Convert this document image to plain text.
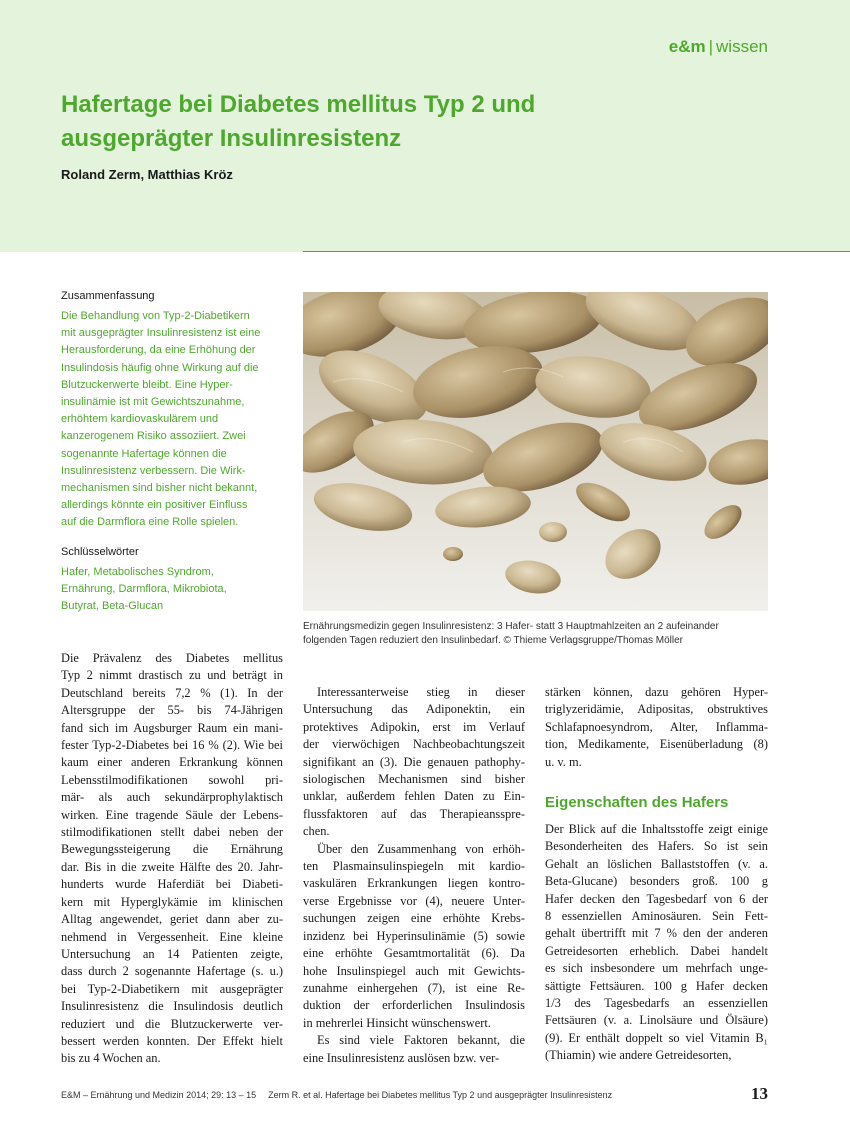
e&m | wissen
Hafertage bei Diabetes mellitus Typ 2 und
ausgeprägter Insulinresistenz
Roland Zerm, Matthias Kröz
Zusammenfassung

Die Behandlung von Typ-2-Diabetikern
mit ausgeprägter Insulinresistenz ist eine
Herausforderung, da eine Erhöhung der
Insulindosis häufig ohne Wirkung auf die
Blutzuckerwerte bleibt. Eine Hyper-
insulinämie ist mit Gewichtszunahme,
erhöhtem kardiovaskulärem und
kanzerogenem Risiko assoziiert. Zwei
sogenannte Hafertage können die
Insulinresistenz verbessern. Die Wirk-
mechanismen sind bisher nicht bekannt,
allerdings könnte ein positiver Einfluss
auf die Darmflora eine Rolle spielen.

Schlüsselwörter

Hafer, Metabolisches Syndrom,
Ernährung, Darmflora, Mikrobiota,
Butyrat, Beta-Glucan

Ernährungsmedizin gegen Insulinresistenz: 3 Hafer- statt 3 Hauptmahlzeiten an 2 aufeinander
folgenden Tagen reduziert den Insulinbedarf. © Thieme Verlagsgruppe/Thomas Möller
Die Prävalenz des Diabetes mellitus
Typ 2 nimmt drastisch zu und beträgt in
Deutschland bereits 7,2 % (1). In der
Altersgruppe der 55- bis 74-Jährigen
fand sich im Augsburger Raum ein mani-
fester Typ-2-Diabetes bei 16 % (2). Wie bei
kaum einer anderen Erkrankung können
Lebensstilmodifikationen sowohl pri-
mär- als auch sekundärprophylaktisch
wirken. Eine tragende Säule der Lebens-
stilmodifikationen stellt dabei neben der
Bewegungssteigerung die Ernährung
dar. Bis in die zweite Hälfte des 20. Jahr-
hunderts wurde Haferdiät bei Diabeti-
kern mit Hyperglykämie im klinischen
Alltag angewendet, geriet dann aber zu-
nehmend in Vergessenheit. Eine kleine
Untersuchung an 14 Patienten zeigte,
dass durch 2 sogenannte Hafertage (s. u.)
bei Typ-2-Diabetikern mit ausgeprägter
Insulinresistenz die Insulindosis deutlich
reduziert und die Blutzuckerwerte ver-
bessert werden konnten. Der Effekt hielt
bis zu 4 Wochen an.
Interessanterweise stieg in dieser
Untersuchung das Adiponektin, ein
protektives Adipokin, erst im Verlauf
der vierwöchigen Nachbeobachtungszeit
signifikant an (3). Die genauen pathophy-
siologischen Mechanismen sind bisher
unklar, außerdem fehlen Daten zu Ein-
flussfaktoren auf das Therapieansspre-
chen.
Über den Zusammenhang von erhöh-
ten Plasmainsulinspiegeln mit kardio-
vaskulären Erkrankungen liegen kontro-
verse Ergebnisse vor (4), neuere Unter-
suchungen zeigen eine erhöhte Krebs-
inzidenz bei Hyperinsulinämie (5) sowie
eine erhöhte Gesamtmortalität (6). Da
hohe Insulinspiegel auch mit Gewichts-
zunahme einhergehen (7), ist eine Re-
duktion der erforderlichen Insulindosis
in mehrerlei Hinsicht wünschenswert.
Es sind viele Faktoren bekannt, die
eine Insulinresistenz auslösen bzw. ver-
stärken können, dazu gehören Hyper-
triglyzeridämie, Adipositas, obstruktives
Schlafapnoesyndrom, Alter, Inflamma-
tion, Medikamente, Eisenüberladung (8)
u. v. m.
Eigenschaften des Hafers
Der Blick auf die Inhaltsstoffe zeigt einige
Besonderheiten des Hafers. So ist sein
Gehalt an löslichen Ballaststoffen (v. a.
Beta-Glucane) besonders groß. 100 g
Hafer decken den Tagesbedarf von 6 der
8 essenziellen Aminosäuren. Sein Fett-
gehalt übertrifft mit 7 % den der anderen
Getreidesorten erheblich. Dabei handelt
es sich insbesondere um mehrfach unge-
sättigte Fettsäuren. 100 g Hafer decken
1/3 des Tagesbedarfs an essenziellen
Fettsäuren (v. a. Linolsäure und Ölsäure)
(9). Er enthält doppelt so viel Vitamin B₁
(Thiamin) wie andere Getreidesorten,
E&M – Ernährung und Medizin 2014; 29: 13 – 15 Zerm R. et al. Hafertage bei Diabetes mellitus Typ 2 und ausgeprägter Insulinresistenz	13
